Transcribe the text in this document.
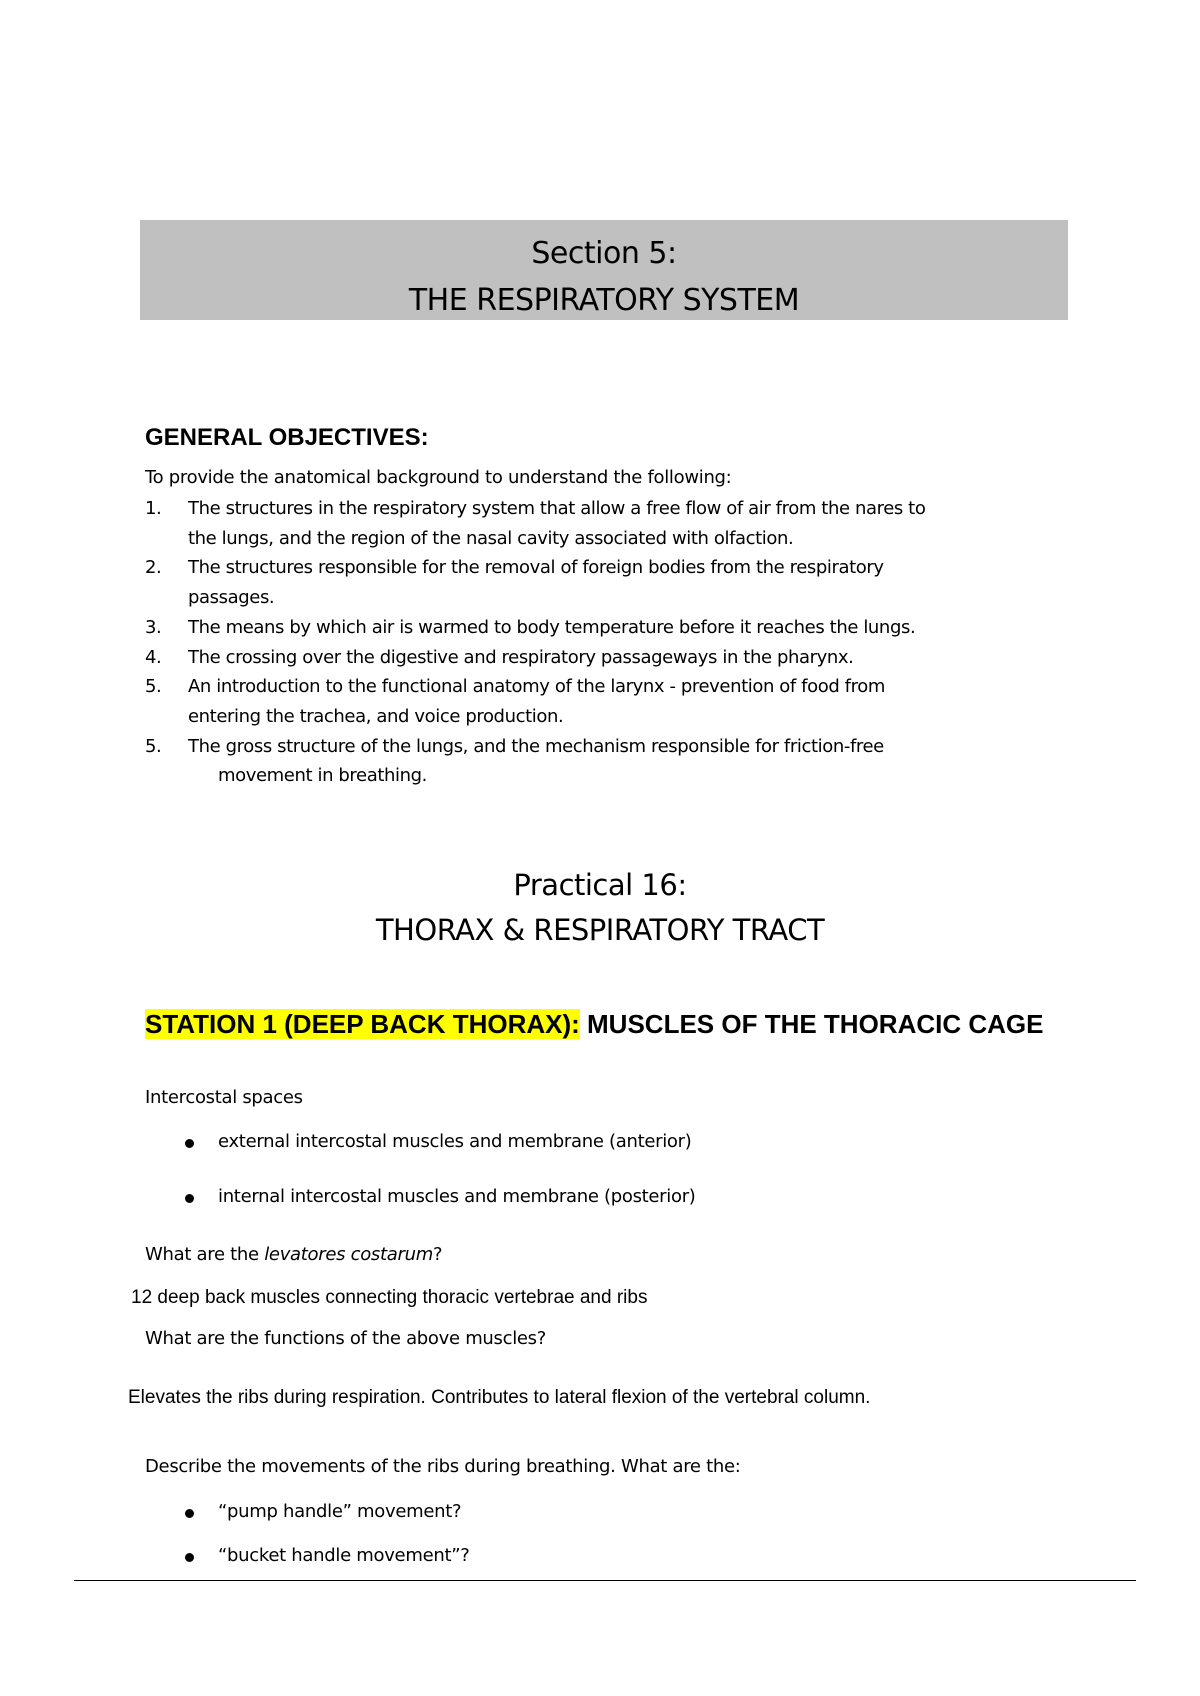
Section 5:
THE RESPIRATORY SYSTEM
GENERAL OBJECTIVES:
To provide the anatomical background to understand the following:
1. The structures in the respiratory system that allow a free flow of air from the nares to
the lungs, and the region of the nasal cavity associated with olfaction.
2. The structures responsible for the removal of foreign bodies from the respiratory
passages.
3. The means by which air is warmed to body temperature before it reaches the lungs.
4. The crossing over the digestive and respiratory passageways in the pharynx.
5. An introduction to the functional anatomy of the larynx - prevention of food from
entering the trachea, and voice production.
5. The gross structure of the lungs, and the mechanism responsible for friction-free
movement in breathing.
Practical 16:
THORAX & RESPIRATORY TRACT
STATION 1 (DEEP BACK THORAX): MUSCLES OF THE THORACIC CAGE
Intercostal spaces
external intercostal muscles and membrane (anterior)
internal intercostal muscles and membrane (posterior)
What are the levatores costarum?
12 deep back muscles connecting thoracic vertebrae and ribs
What are the functions of the above muscles?
Elevates the ribs during respiration. Contributes to lateral flexion of the vertebral column.
Describe the movements of the ribs during breathing. What are the:
“pump handle” movement?
“bucket handle movement”?
